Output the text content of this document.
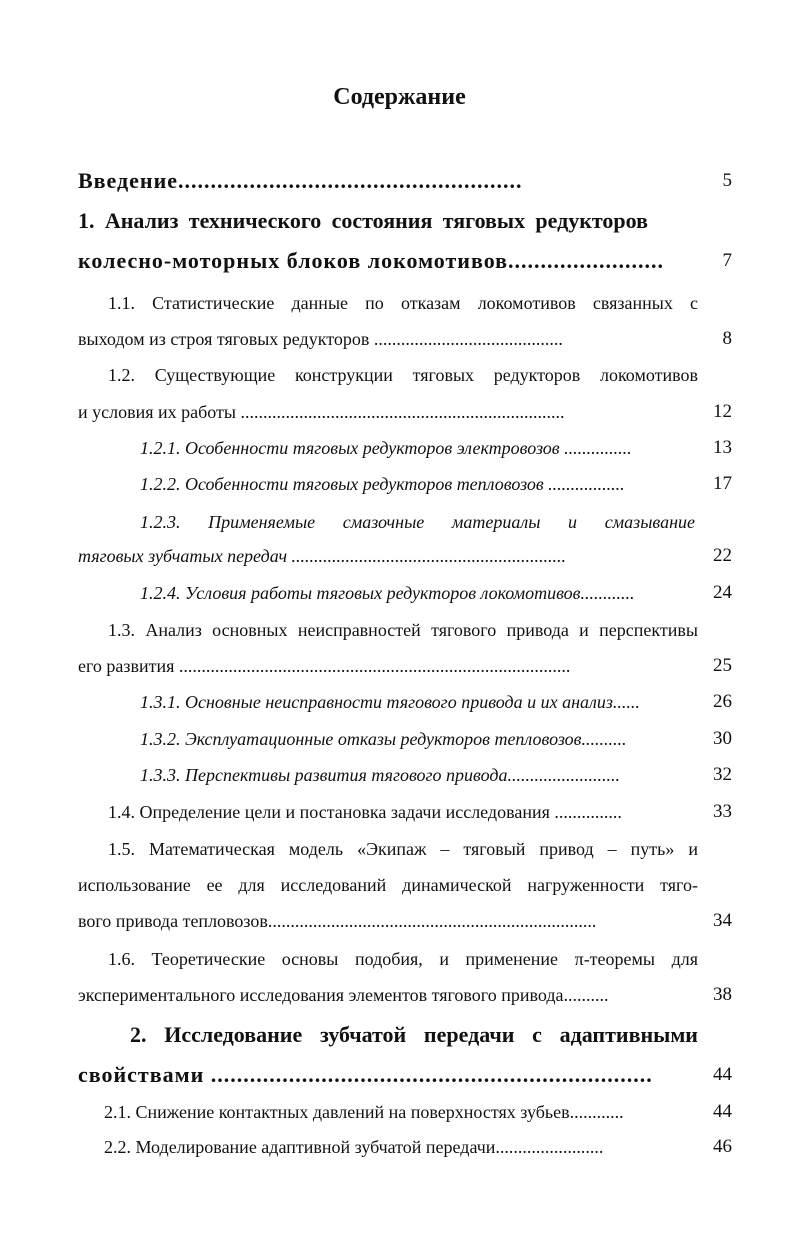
Содержание
Введение.....................................................	5
1. Анализ технического состояния тяговых редукторов
колесно-моторных блоков локомотивов........................	7
1.1. Статистические данные по отказам локомотивов связанных с
выходом из строя тяговых редукторов ..........................................	8
1.2. Существующие конструкции тяговых редукторов локомотивов
и условия их работы ........................................................................	12
1.2.1. Особенности тяговых редукторов электровозов ...............	13
1.2.2. Особенности тяговых редукторов тепловозов .................	17
1.2.3. Применяемые смазочные материалы и смазывание
тяговых зубчатых передач .............................................................	22
1.2.4. Условия работы тяговых редукторов локомотивов............	24
1.3. Анализ основных неисправностей тягового привода и перспективы
его развития .......................................................................................	25
1.3.1. Основные неисправности тягового привода и их анализ......	26
1.3.2. Эксплуатационные отказы редукторов тепловозов..........	30
1.3.3. Перспективы развития тягового привода.........................	32
1.4. Определение цели и постановка задачи исследования ...............	33
1.5. Математическая модель «Экипаж – тяговый привод – путь» и
использование ее для исследований динамической нагруженности тяго-
вого привода тепловозов.........................................................................	34
1.6. Теоретические основы подобия, и применение π-теоремы для
экспериментального исследования элементов тягового привода..........	38
2. Исследование зубчатой передачи с адаптивными
свойствами ....................................................................	44
2.1. Снижение контактных давлений на поверхностях зубьев............	44
2.2. Моделирование адаптивной зубчатой передачи........................	46
